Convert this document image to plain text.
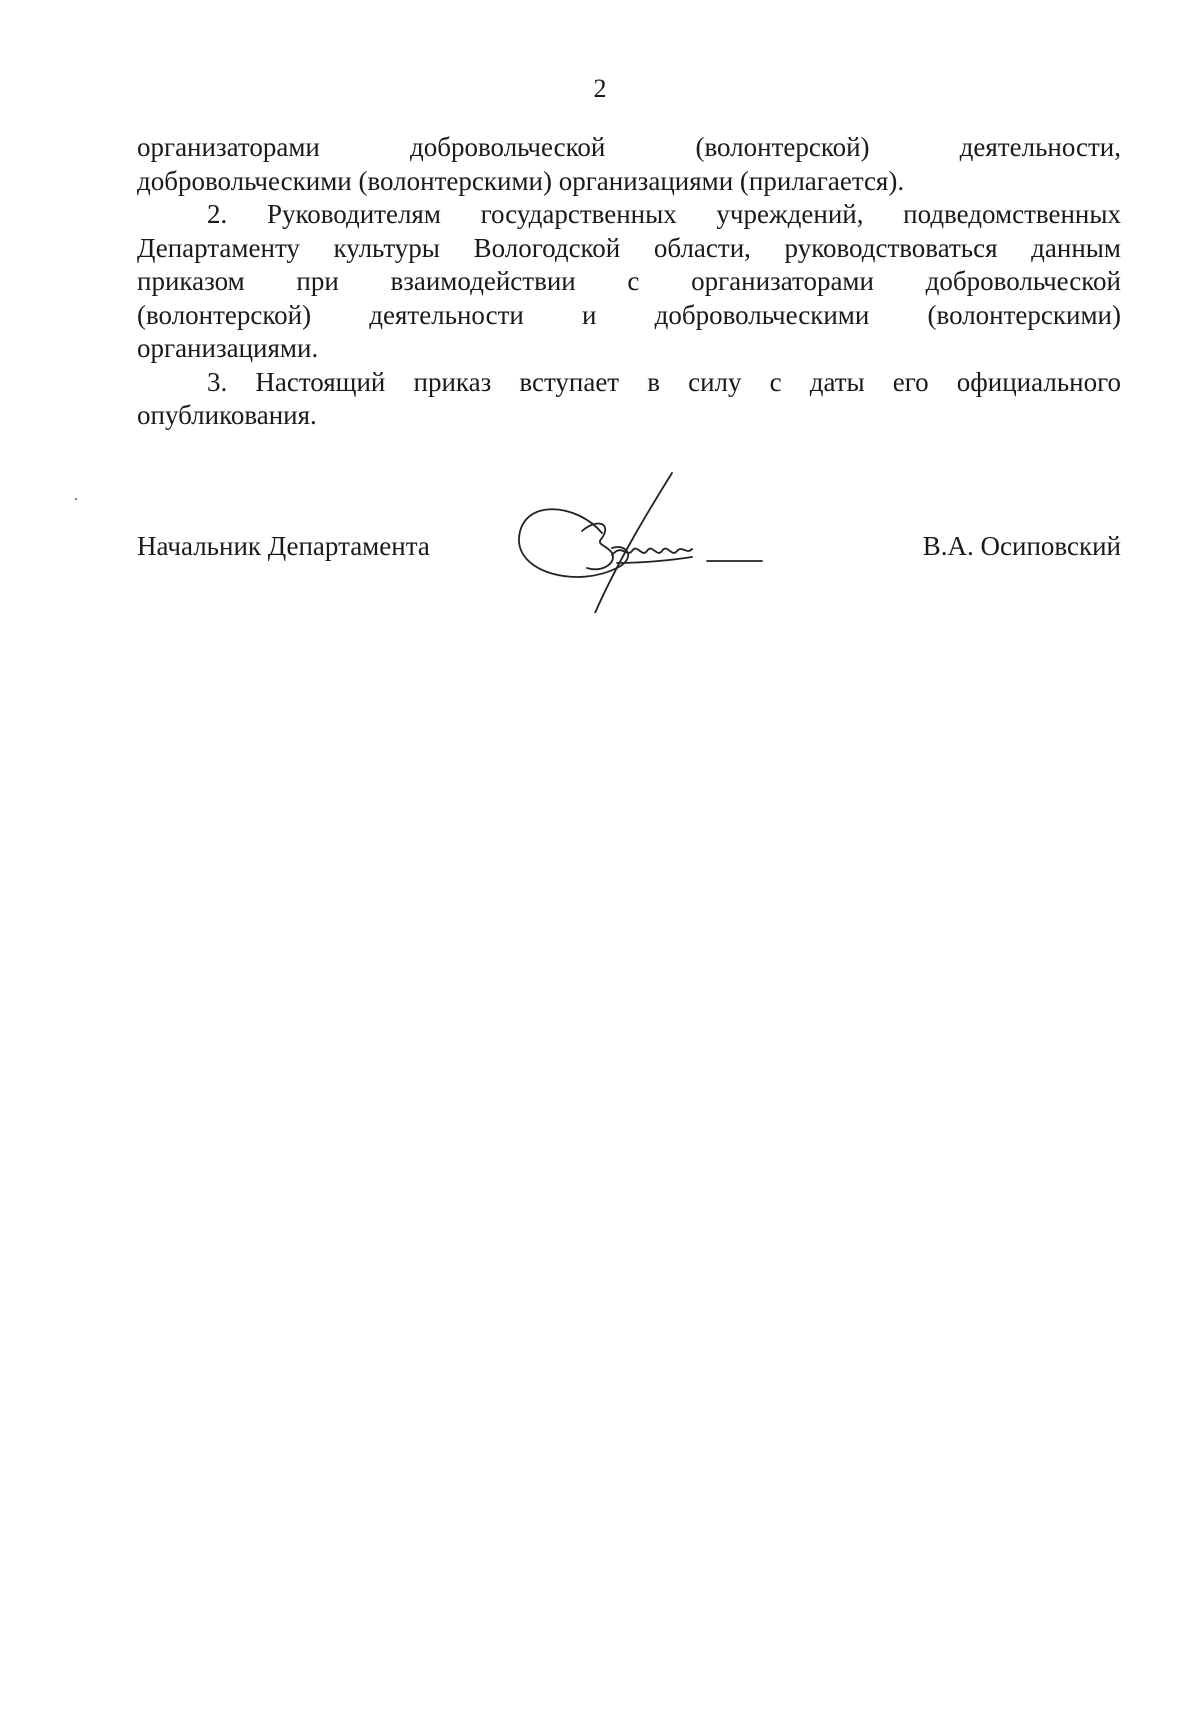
2

организаторами добровольческой (волонтерской) деятельности,
добровольческими (волонтерскими) организациями (прилагается).

2. Руководителям государственных учреждений, подведомственных
Департаменту культуры Вологодской области, руководствоваться данным
приказом при взаимодействии с организаторами добровольческой
(волонтерской) деятельности и добровольческими (волонтерскими)
организациями.

3. Настоящий приказ вступает в силу с даты его официального
опубликования.

Начальник Департамента	В.А. Осиповский
